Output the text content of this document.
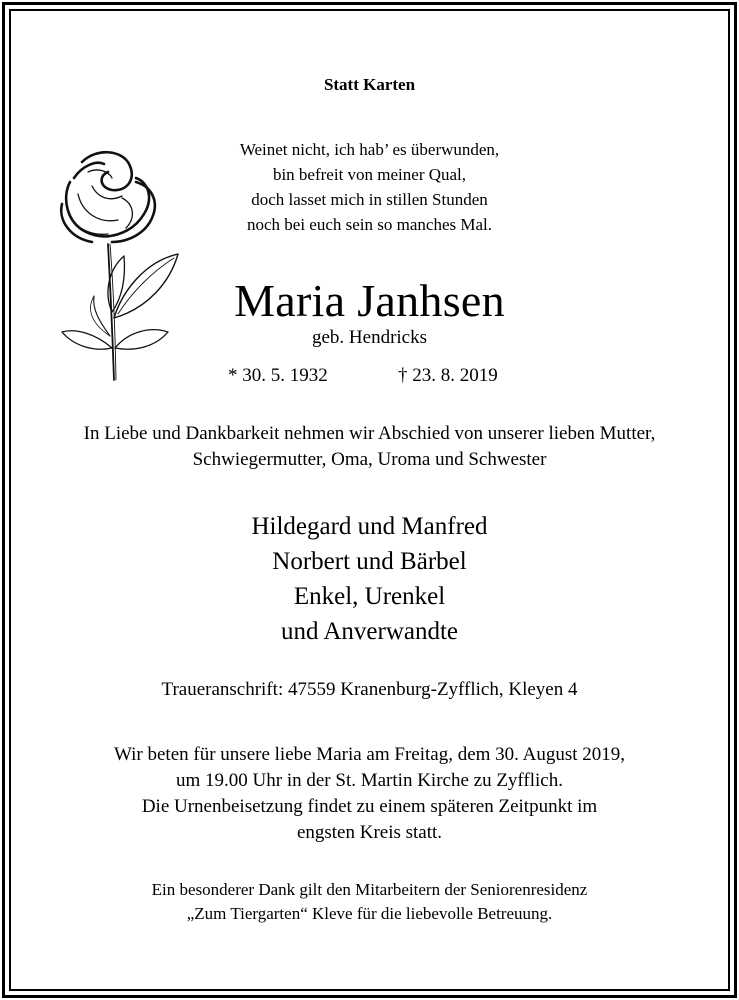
Statt Karten
Weinet nicht, ich hab’ es überwunden,
bin befreit von meiner Qual,
doch lasset mich in stillen Stunden
noch bei euch sein so manches Mal.
Maria Janhsen
geb. Hendricks
* 30. 5. 1932	† 23. 8. 2019
In Liebe und Dankbarkeit nehmen wir Abschied von unserer lieben Mutter,
Schwiegermutter, Oma, Uroma und Schwester
Hildegard und Manfred
Norbert und Bärbel
Enkel, Urenkel
und Anverwandte
Traueranschrift: 47559 Kranenburg-Zyfflich, Kleyen 4
Wir beten für unsere liebe Maria am Freitag, dem 30. August 2019,
um 19.00 Uhr in der St. Martin Kirche zu Zyfflich.
Die Urnenbeisetzung findet zu einem späteren Zeitpunkt im
engsten Kreis statt.
Ein besonderer Dank gilt den Mitarbeitern der Seniorenresidenz
„Zum Tiergarten“ Kleve für die liebevolle Betreuung.
